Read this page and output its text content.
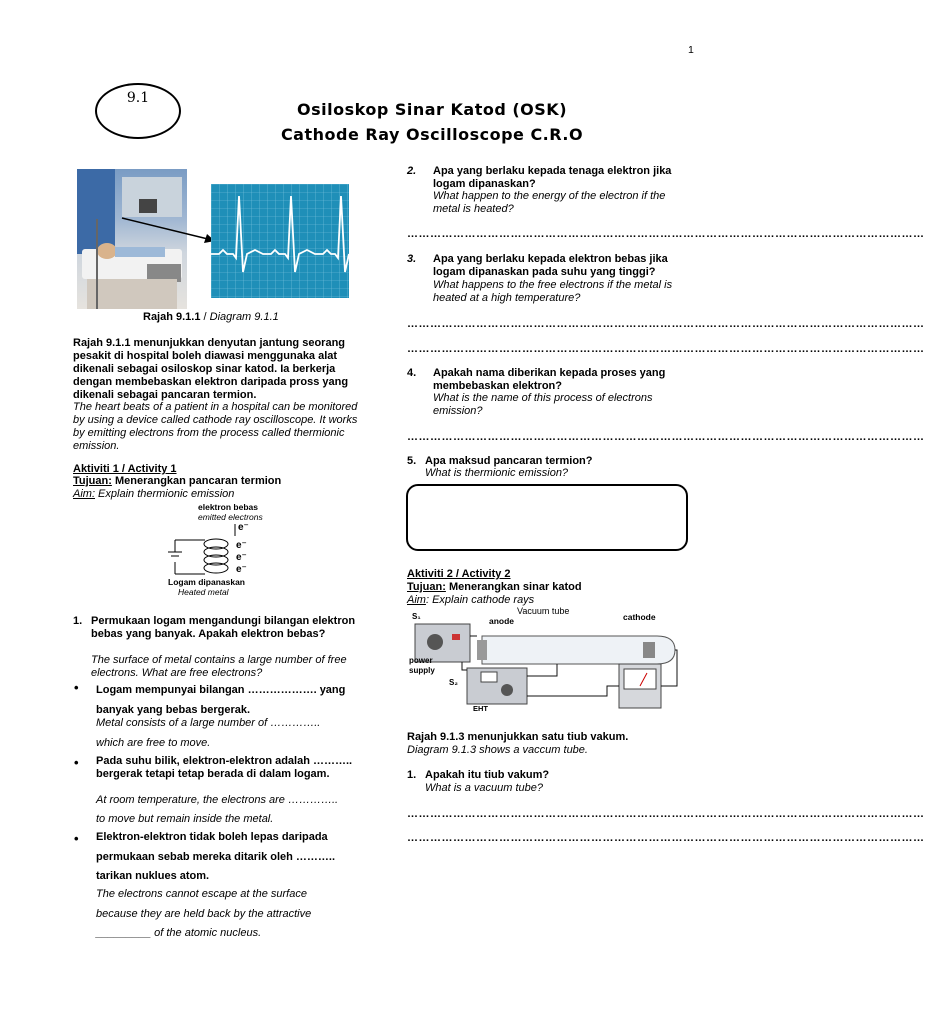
1
9.1
Osiloskop Sinar Katod (OSK)
Cathode Ray Oscilloscope C.R.O
Rajah 9.1.1 / Diagram 9.1.1
Rajah 9.1.1 menunjukkan denyutan jantung seorang pesakit di hospital boleh diawasi menggunaka alat dikenali sebagai osiloskop sinar katod. Ia berkerja dengan membebaskan elektron daripada pross yang dikenali sebagai pancaran termion.
The heart beats of a patient in a hospital can be monitored by using a device called cathode ray oscilloscope. It works by emitting electrons from the process called thermionic emission.
Aktiviti 1 / Activity 1
Tujuan: Menerangkan pancaran termion
Aim: Explain thermionic emission
elektron bebas
emitted electrons
e⁻
e⁻
e⁻
e⁻
Logam dipanaskan
Heated metal
1. Permukaan logam mengandungi bilangan elektron bebas yang banyak. Apakah elektron bebas?
The surface of metal contains a large number of free electrons. What are free electrons?
• Logam mempunyai bilangan ………………. yang banyak yang bebas bergerak.
Metal consists of a large number of …………..
which are free to move.
• Pada suhu bilik, elektron-elektron adalah ……….. bergerak tetapi tetap berada di dalam logam.
At room temperature, the electrons are …………..
to move but remain inside the metal.
• Elektron-elektron tidak boleh lepas daripada
permukaan sebab mereka ditarik oleh ………..
tarikan nuklues atom.
The electrons cannot escape at the surface
because they are held back by the attractive
_________ of the atomic nucleus.
2. Apa yang berlaku kepada tenaga elektron jika logam dipanaskan?
What happen to the energy of the electron if the metal is heated?
………………………………………………………………………………………………………………………
3. Apa yang berlaku kepada elektron bebas jika logam dipanaskan pada suhu yang tinggi?
What happens to the free electrons if the metal is heated at a high temperature?
………………………………………………………………………………………………………………………
………………………………………………………………………………………………………………………
4. Apakah nama diberikan kepada proses yang membebaskan elektron?
What is the name of this process of electrons emission?
………………………………………………………………………………………………………………………
5. Apa maksud pancaran termion?
What is thermionic emission?
Aktiviti 2 / Activity 2
Tujuan: Menerangkan sinar katod
Aim: Explain cathode rays
S₁	anode
Vacuum tube
cathode
power supply
S₂
EHT
Rajah 9.1.3 menunjukkan satu tiub vakum.
Diagram 9.1.3 shows a vaccum tube.
1. Apakah itu tiub vakum?
What is a vacuum tube?
………………………………………………………………………………………………………………………
………………………………………………………………………………………………………………………
